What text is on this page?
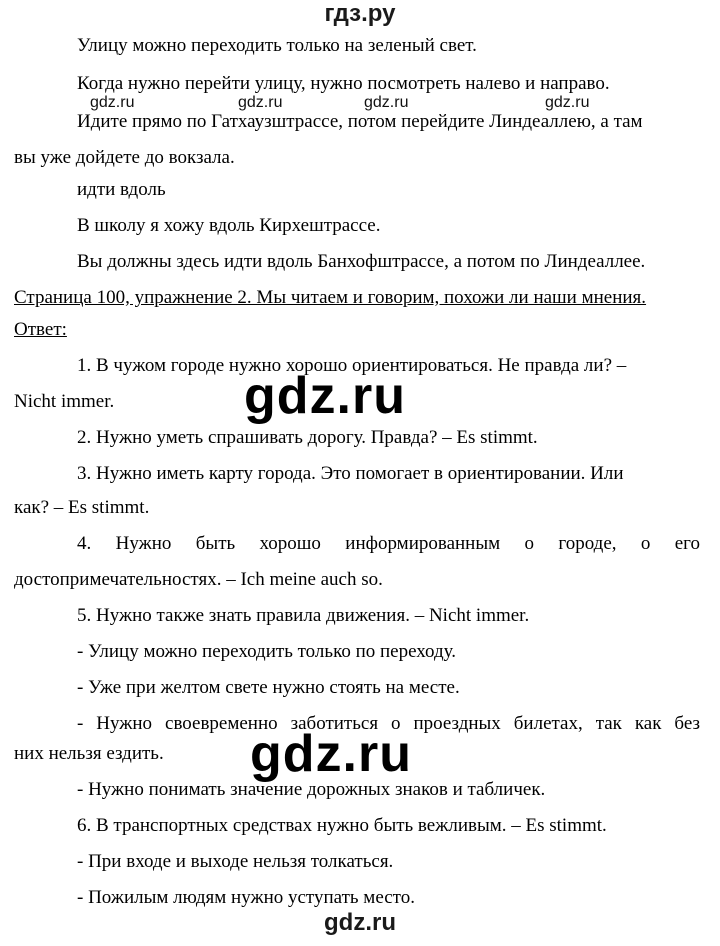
гдз.ру
Улицу можно переходить только на зеленый свет.
Когда нужно перейти улицу, нужно посмотреть налево и направо.
gdz.ru	gdz.ru	gdz.ru	gdz.ru
Идите прямо по Гатхаузштрассе, потом перейдите Линдеаллею, а там
вы уже дойдете до вокзала.
идти вдоль
В школу я хожу вдоль Кирхештрассе.
Вы должны здесь идти вдоль Банхофштрассе, а потом по Линдеаллее.
Страница 100, упражнение 2. Мы читаем и говорим, похожи ли наши мнения.
Ответ:
1. В чужом городе нужно хорошо ориентироваться. Не правда ли? –
gdz.ru
Nicht immer.
2. Нужно уметь спрашивать дорогу. Правда? – Es stimmt.
3. Нужно иметь карту города. Это помогает в ориентировании. Или
как? – Es stimmt.
4. Нужно быть хорошо информированным о городе, о его
достопримечательностях. – Ich meine auch so.
5. Нужно также знать правила движения. – Nicht immer.
- Улицу можно переходить только по переходу.
- Уже при желтом свете нужно стоять на месте.
- Нужно своевременно заботиться о проездных билетах, так как без
gdz.ru
них нельзя ездить.
- Нужно понимать значение дорожных знаков и табличек.
6. В транспортных средствах нужно быть вежливым. – Es stimmt.
- При входе и выходе нельзя толкаться.
- Пожилым людям нужно уступать место.
gdz.ru
